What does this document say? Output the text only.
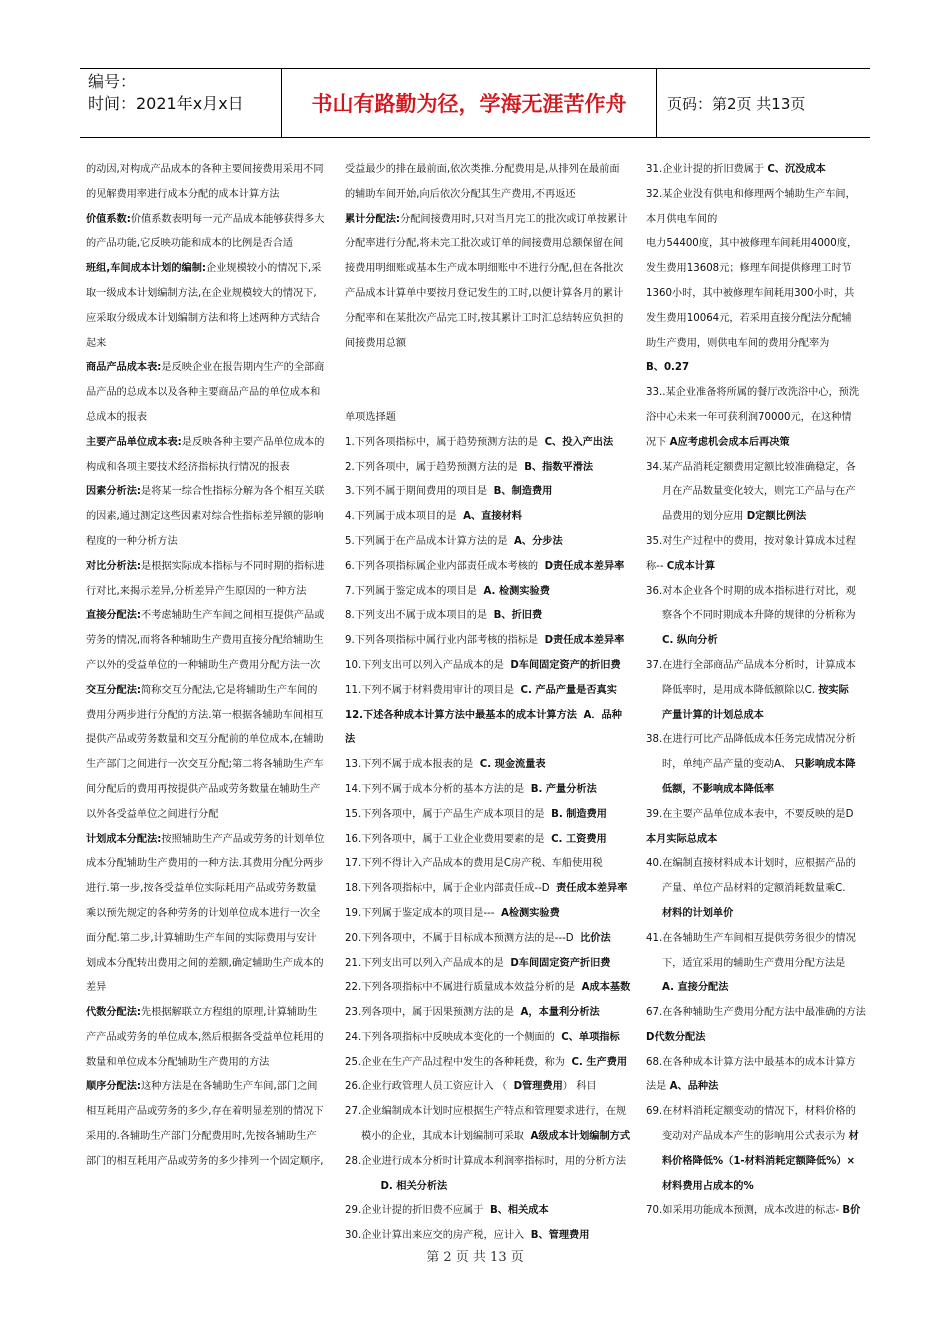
编号：
时间：2021年x月x日	书山有路勤为径，学海无涯苦作舟	页码：第2页 共13页

的动因,对构成产品成本的各种主要间接费用采用不同

的见解费用率进行成本分配的成本计算方法

价值系数:价值系数表明每一元产品成本能够获得多大

的产品功能,它反映功能和成本的比例是否合适

班组,车间成本计划的编制:企业规模较小的情况下,采

取一级成本计划编制方法,在企业规模较大的情况下,

应采取分级成本计划编制方法和将上述两种方式结合

起来

商品产品成本表:是反映企业在报告期内生产的全部商

品产品的总成本以及各种主要商品产品的单位成本和

总成本的报表

主要产品单位成本表:是反映各种主要产品单位成本的

构成和各项主要技术经济指标执行情况的报表

因素分析法:是将某一综合性指标分解为各个相互关联

的因素,通过测定这些因素对综合性指标差异额的影响

程度的一种分析方法

对比分析法:是根据实际成本指标与不同时期的指标进

行对比,来揭示差异,分析差异产生原因的一种方法

直接分配法:不考虑辅助生产车间之间相互提供产品或

劳务的情况,而将各种辅助生产费用直接分配给辅助生

产以外的受益单位的一种辅助生产费用分配方法一次

交互分配法:简称交互分配法,它是将辅助生产车间的

费用分两步进行分配的方法.第一根据各辅助车间相互

提供产品或劳务数量和交互分配前的单位成本,在辅助

生产部门之间进行一次交互分配;第二将各辅助生产车

间分配后的费用再按提供产品或劳务数量在辅助生产

以外各受益单位之间进行分配

计划成本分配法:按照辅助生产产品或劳务的计划单位

成本分配辅助生产费用的一种方法.其费用分配分两步

进行.第一步,按各受益单位实际耗用产品或劳务数量

乘以预先规定的各种劳务的计划单位成本进行一次全

面分配.第二步,计算辅助生产车间的实际费用与安计

划成本分配转出费用之间的差额,确定辅助生产成本的

差异

代数分配法:先根据解联立方程组的原理,计算辅助生

产产品或劳务的单位成本,然后根据各受益单位耗用的

数量和单位成本分配辅助生产费用的方法

顺序分配法:这种方法是在各辅助生产车间,部门之间

相互耗用产品或劳务的多少,存在着明显差别的情况下

采用的.各辅助生产部门分配费用时,先按各辅助生产

部门的相互耗用产品或劳务的多少排列一个固定顺序,

受益最少的排在最前面,依次类推.分配费用是,从排列在最前面

的辅助车间开始,向后依次分配其生产费用,不再返还

累计分配法:分配间接费用时,只对当月完工的批次或订单按累计

分配率进行分配,将未完工批次或订单的间接费用总额保留在间

接费用明细账或基本生产成本明细账中不进行分配,但在各批次

产品成本计算单中要按月登记发生的工时,以便计算各月的累计

分配率和在某批次产品完工时,按其累计工时汇总结转应负担的

间接费用总额

单项选择题

1.下列各项指标中，属于趋势预测方法的是 C、投入产出法

2.下列各项中，属于趋势预测方法的是 B、指数平滑法

3.下列不属于期间费用的项目是 B、制造费用

4.下列属于成本项目的是 A、直接材料

5.下列属于在产品成本计算方法的是 A、分步法

6.下列各项指标属企业内部责任成本考核的 D责任成本差异率

7.下列属于鉴定成本的项目是 A. 检测实验费

8.下列支出不属于成本项目的是 B、折旧费

9.下列各项指标中属行业内部考核的指标是 D责任成本差异率

10.下列支出可以列入产品成本的是 D车间固定资产的折旧费

11.下列不属于材料费用审计的项目是 C. 产品产量是否真实

12.下述各种成本计算方法中最基本的成本计算方法 A．品种法

13.下列不属于成本报表的是 C. 现金流量表

14.下列不属于成本分析的基本方法的是 B. 产量分析法

15.下列各项中，属于产品生产成本项目的是 B. 制造费用

16.下列各项中，属于工业企业费用要素的是 C. 工资费用

17.下列不得计入产品成本的费用是C房产税、车船使用税

18.下列各项指标中，属于企业内部责任成--D 责任成本差异率

19.下列属于鉴定成本的项目是--- A检测实验费

20.下列各项中，不属于目标成本预测方法的是---D 比价法

21.下列支出可以列入产品成本的是 D车间固定资产折旧费

22.下列各项指标中不属进行质量成本效益分析的是 A成本基数

23.列各项中，属于因果预测方法的是 A，本量利分析法

24.下列各项指标中反映成本变化的一个侧面的 C、单项指标

25.企业在生产产品过程中发生的各种耗费，称为 C. 生产费用

26.企业行政管理人员工资应计入 （ D管理费用） 科目

27.企业编制成本计划时应根据生产特点和管理要求进行，在规

模小的企业，其成本计划编制可采取 A级成本计划编制方式

28.企业进行成本分析时计算成本利润率指标时，用的分析方法

D. 相关分析法

29.企业计提的折旧费不应属于 B、相关成本

30.企业计算出来应交的房产税，应计入 B、管理费用

31.企业计提的折旧费属于 C、沉没成本

32.某企业没有供电和修理两个辅助生产车间，

本月供电车间的

电力54400度，其中被修理车间耗用4000度，

发生费用13608元；修理车间提供修理工时节

1360小时，其中被修理车间耗用300小时，共

发生费用10064元，若采用直接分配法分配辅

助生产费用，则供电车间的费用分配率为

B、0.27

33..某企业准备将所属的餐厅改洗浴中心，预洗

浴中心未来一年可获利润70000元，在这种情

况下 A应考虑机会成本后再决策

34.某产品消耗定额费用定额比较准确稳定，各

月在产品数量变化较大，则完工产品与在产

品费用的划分应用 D定额比例法

35.对生产过程中的费用，按对象计算成本过程

称-- C成本计算

36.对本企业各个时期的成本指标进行对比，观

察各个不同时期成本升降的规律的分析称为

C. 纵向分析

37.在进行全部商品产品成本分析时，计算成本

降低率时，是用成本降低额除以C. 按实际

产量计算的计划总成本

38.在进行可比产品降低成本任务完成情况分析

时，单纯产品产量的变动A、 只影响成本降

低额，不影响成本降低率

39.在主要产品单位成本表中，不要反映的是D

本月实际总成本

40.在编制直接材料成本计划时，应根据产品的

产量、单位产品材料的定额消耗数量乘C.

材料的计划单价

41.在各辅助生产车间相互提供劳务很少的情况

下，适宜采用的辅助生产费用分配方法是

A. 直接分配法

67.在各种辅助生产费用分配方法中最准确的方法

D代数分配法

68.在各种成本计算方法中最基本的成本计算方

法是 A、品种法

69.在材料消耗定额变动的情况下，材料价格的

变动对产品成本产生的影响用公式表示为 材

料价格降低%（1-材料消耗定额降低%）×

材料费用占成本的%

70.如采用功能成本预测，成本改进的标志- B价

第 2 页 共 13 页
